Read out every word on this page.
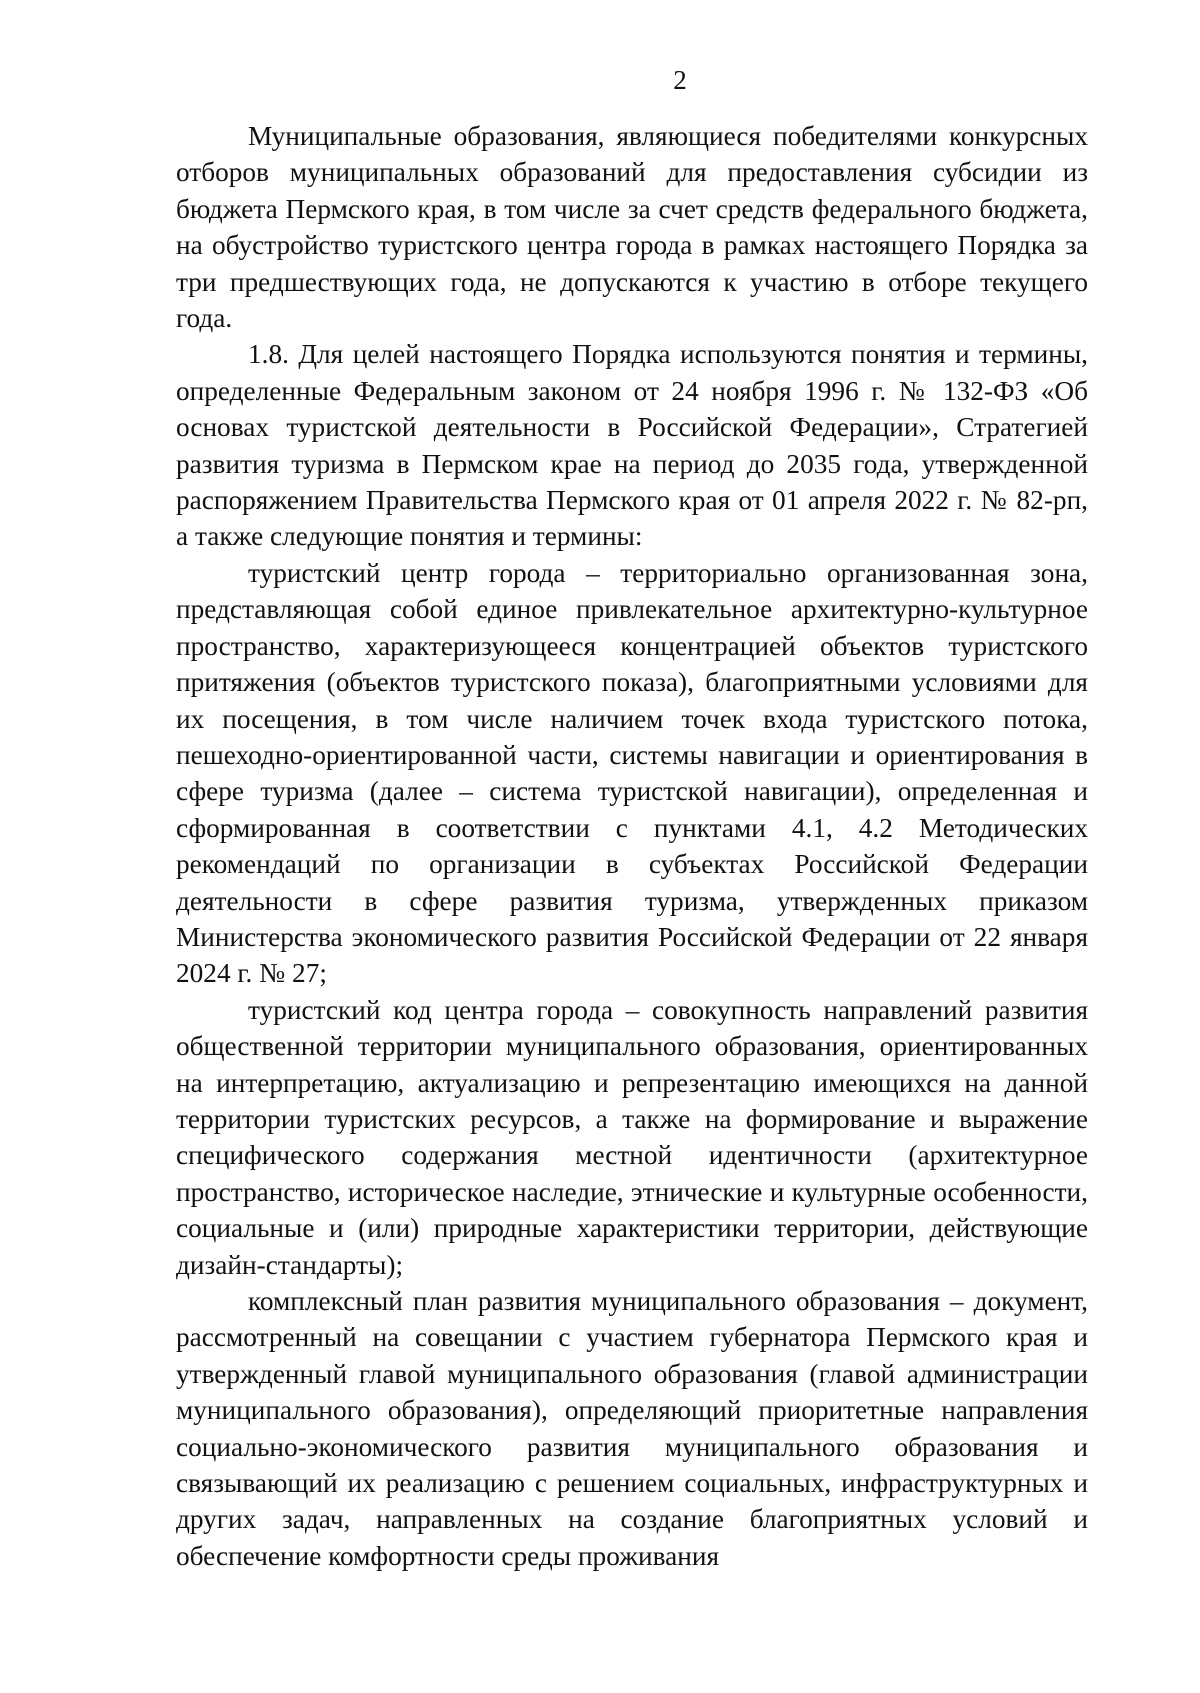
2

Муниципальные образования, являющиеся победителями конкурсных отборов муниципальных образований для предоставления субсидии из бюджета Пермского края, в том числе за счет средств федерального бюджета, на обустройство туристского центра города в рамках настоящего Порядка за три предшествующих года, не допускаются к участию в отборе текущего года.

1.8. Для целей настоящего Порядка используются понятия и термины, определенные Федеральным законом от 24 ноября 1996 г. № 132-ФЗ «Об основах туристской деятельности в Российской Федерации», Стратегией развития туризма в Пермском крае на период до 2035 года, утвержденной распоряжением Правительства Пермского края от 01 апреля 2022 г. № 82-рп, а также следующие понятия и термины:

туристский центр города – территориально организованная зона, представляющая собой единое привлекательное архитектурно-культурное пространство, характеризующееся концентрацией объектов туристского притяжения (объектов туристского показа), благоприятными условиями для их посещения, в том числе наличием точек входа туристского потока, пешеходно-ориентированной части, системы навигации и ориентирования в сфере туризма (далее – система туристской навигации), определенная и сформированная в соответствии с пунктами 4.1, 4.2 Методических рекомендаций по организации в субъектах Российской Федерации деятельности в сфере развития туризма, утвержденных приказом Министерства экономического развития Российской Федерации от 22 января 2024 г. № 27;

туристский код центра города – совокупность направлений развития общественной территории муниципального образования, ориентированных на интерпретацию, актуализацию и репрезентацию имеющихся на данной территории туристских ресурсов, а также на формирование и выражение специфического содержания местной идентичности (архитектурное пространство, историческое наследие, этнические и культурные особенности, социальные и (или) природные характеристики территории, действующие дизайн-стандарты);

комплексный план развития муниципального образования – документ, рассмотренный на совещании с участием губернатора Пермского края и утвержденный главой муниципального образования (главой администрации муниципального образования), определяющий приоритетные направления социально-экономического развития муниципального образования и связывающий их реализацию с решением социальных, инфраструктурных и других задач, направленных на создание благоприятных условий и обеспечение комфортности среды проживания
